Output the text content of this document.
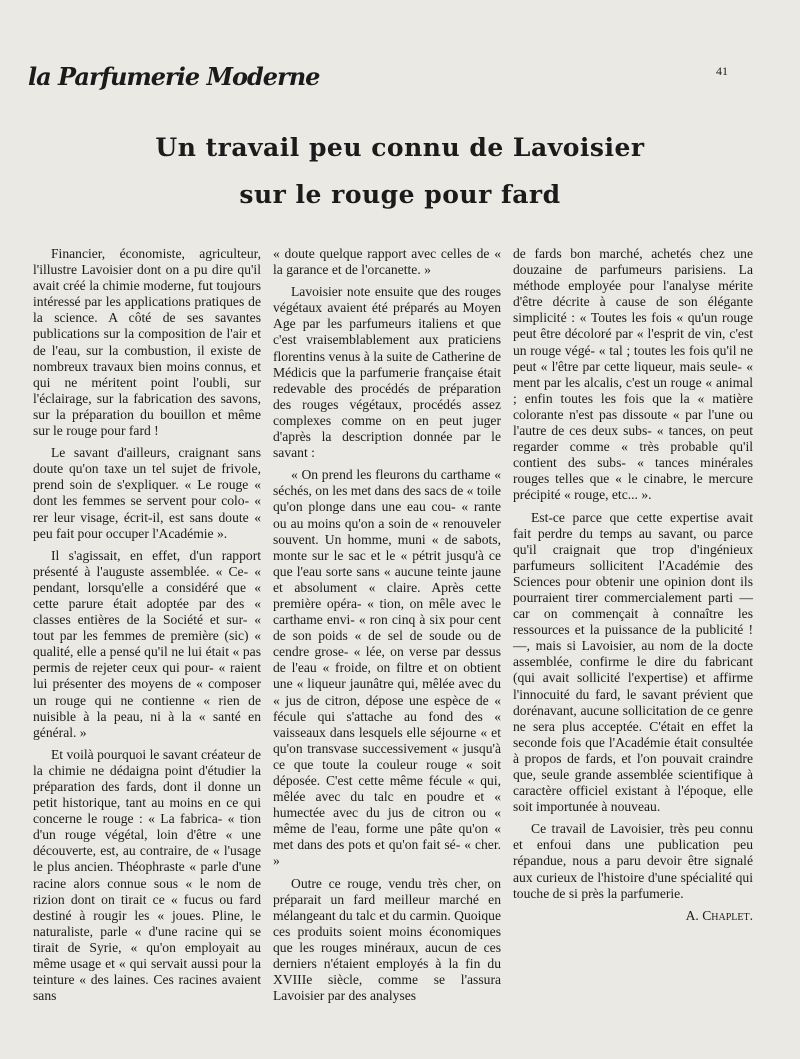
la Parfumerie Moderne	41
Un travail peu connu de Lavoisier
sur le rouge pour fard

Financier, économiste, agriculteur, l'illustre Lavoisier dont on a pu dire qu'il avait créé la chimie moderne, fut toujours intéressé par les applications pratiques de la science. A côté de ses savantes publications sur la composition de l'air et de l'eau, sur la combustion, il existe de nombreux travaux bien moins connus, et qui ne méritent point l'oubli, sur l'éclairage, sur la fabrication des savons, sur la préparation du bouillon et même sur le rouge pour fard !

Le savant d'ailleurs, craignant sans doute qu'on taxe un tel sujet de frivole, prend soin de s'expliquer. « Le rouge « dont les femmes se servent pour colo- « rer leur visage, écrit-il, est sans doute « peu fait pour occuper l'Académie ».

Il s'agissait, en effet, d'un rapport présenté à l'auguste assemblée. « Ce- « pendant, lorsqu'elle a considéré que « cette parure était adoptée par des « classes entières de la Société et sur- « tout par les femmes de première (sic) « qualité, elle a pensé qu'il ne lui était « pas permis de rejeter ceux qui pour- « raient lui présenter des moyens de « composer un rouge qui ne contienne « rien de nuisible à la peau, ni à la « santé en général. »

Et voilà pourquoi le savant créateur de la chimie ne dédaigna point d'étudier la préparation des fards, dont il donne un petit historique, tant au moins en ce qui concerne le rouge : « La fabrica- « tion d'un rouge végétal, loin d'être « une découverte, est, au contraire, de « l'usage le plus ancien. Théophraste « parle d'une racine alors connue sous « le nom de rizion dont on tirait ce « fucus ou fard destiné à rougir les « joues. Pline, le naturaliste, parle « d'une racine qui se tirait de Syrie, « qu'on employait au même usage et « qui servait aussi pour la teinture « des laines. Ces racines avaient sans

« doute quelque rapport avec celles de « la garance et de l'orcanette. »

Lavoisier note ensuite que des rouges végétaux avaient été préparés au Moyen Age par les parfumeurs italiens et que c'est vraisemblablement aux praticiens florentins venus à la suite de Catherine de Médicis que la parfumerie française était redevable des procédés de préparation des rouges végétaux, procédés assez complexes comme on en peut juger d'après la description donnée par le savant :

« On prend les fleurons du carthame « séchés, on les met dans des sacs de « toile qu'on plonge dans une eau cou- « rante ou au moins qu'on a soin de « renouveler souvent. Un homme, muni « de sabots, monte sur le sac et le « pétrit jusqu'à ce que l'eau sorte sans « aucune teinte jaune et absolument « claire. Après cette première opéra- « tion, on mêle avec le carthame envi- « ron cinq à six pour cent de son poids « de sel de soude ou de cendre grose- « lée, on verse par dessus de l'eau « froide, on filtre et on obtient une « liqueur jaunâtre qui, mêlée avec du « jus de citron, dépose une espèce de « fécule qui s'attache au fond des « vaisseaux dans lesquels elle séjourne « et qu'on transvase successivement « jusqu'à ce que toute la couleur rouge « soit déposée. C'est cette même fécule « qui, mêlée avec du talc en poudre et « humectée avec du jus de citron ou « même de l'eau, forme une pâte qu'on « met dans des pots et qu'on fait sé- « cher. »

Outre ce rouge, vendu très cher, on préparait un fard meilleur marché en mélangeant du talc et du carmin. Quoique ces produits soient moins économiques que les rouges minéraux, aucun de ces derniers n'étaient employés à la fin du XVIIIe siècle, comme se l'assura Lavoisier par des analyses

de fards bon marché, achetés chez une douzaine de parfumeurs parisiens. La méthode employée pour l'analyse mérite d'être décrite à cause de son élégante simplicité : « Toutes les fois « qu'un rouge peut être décoloré par « l'esprit de vin, c'est un rouge végé- « tal ; toutes les fois qu'il ne peut « l'être par cette liqueur, mais seule- « ment par les alcalis, c'est un rouge « animal ; enfin toutes les fois que la « matière colorante n'est pas dissoute « par l'une ou l'autre de ces deux subs- « tances, on peut regarder comme « très probable qu'il contient des subs- « tances minérales rouges telles que « le cinabre, le mercure précipité « rouge, etc... ».

Est-ce parce que cette expertise avait fait perdre du temps au savant, ou parce qu'il craignait que trop d'ingénieux parfumeurs sollicitent l'Académie des Sciences pour obtenir une opinion dont ils pourraient tirer commercialement parti — car on commençait à connaître les ressources et la puissance de la publicité ! —, mais si Lavoisier, au nom de la docte assemblée, confirme le dire du fabricant (qui avait sollicité l'expertise) et affirme l'innocuité du fard, le savant prévient que dorénavant, aucune sollicitation de ce genre ne sera plus acceptée. C'était en effet la seconde fois que l'Académie était consultée à propos de fards, et l'on pouvait craindre que, seule grande assemblée scientifique à caractère officiel existant à l'époque, elle soit importunée à nouveau.

Ce travail de Lavoisier, très peu connu et enfoui dans une publication peu répandue, nous a paru devoir être signalé aux curieux de l'histoire d'une spécialité qui touche de si près la parfumerie.

A. Chaplet.
